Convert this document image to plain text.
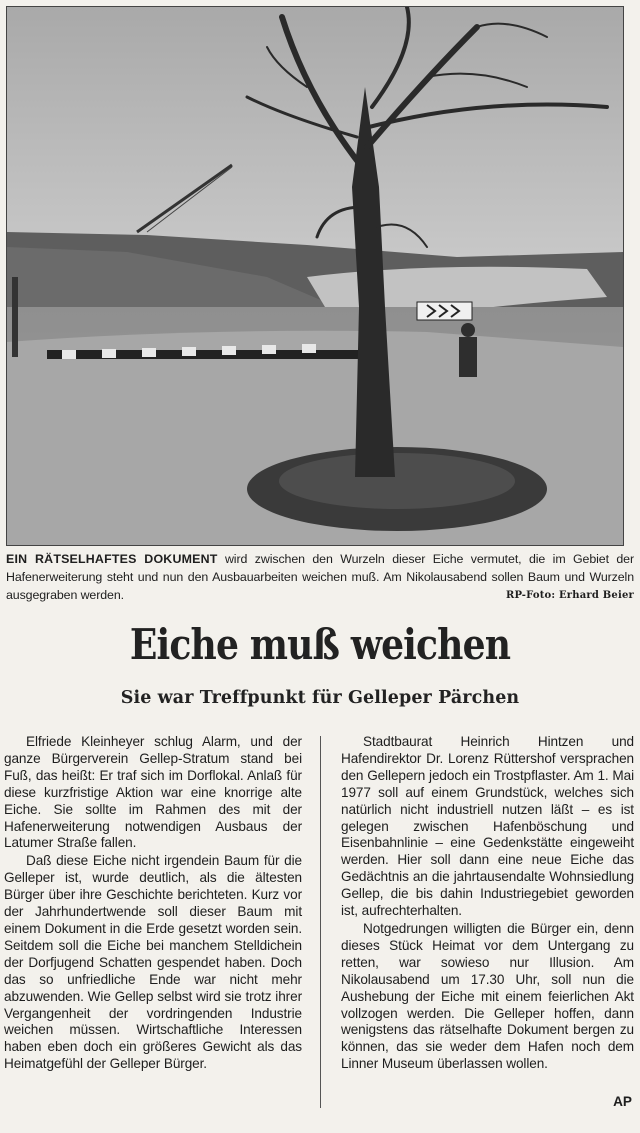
EIN RÄTSELHAFTES DOKUMENT wird zwischen den Wurzeln dieser Eiche vermutet, die im Gebiet der Hafenerweiterung steht und nun den Ausbauarbeiten weichen muß. Am Nikolausabend sollen Baum und Wurzeln ausgegraben werden.	RP-Foto: Erhard Beier
Eiche muß weichen
Sie war Treffpunkt für Gelleper Pärchen

Elfriede Kleinheyer schlug Alarm, und der ganze Bürgerverein Gellep-Stratum stand bei Fuß, das heißt: Er traf sich im Dorflokal. Anlaß für diese kurzfristige Aktion war eine knorrige alte Eiche. Sie sollte im Rahmen des mit der Hafenerweiterung notwendigen Ausbaus der Latumer Straße fallen.

Daß diese Eiche nicht irgendein Baum für die Gelleper ist, wurde deutlich, als die ältesten Bürger über ihre Geschichte berichteten. Kurz vor der Jahrhundertwende soll dieser Baum mit einem Dokument in die Erde gesetzt worden sein. Seitdem soll die Eiche bei manchem Stelldichein der Dorfjugend Schatten gespendet haben. Doch das so unfriedliche Ende war nicht mehr abzuwenden. Wie Gellep selbst wird sie trotz ihrer Vergangenheit der vordringenden Industrie weichen müssen. Wirtschaftliche Interessen haben eben doch ein größeres Gewicht als das Heimatgefühl der Gelleper Bürger.

Stadtbaurat Heinrich Hintzen und Hafendirektor Dr. Lorenz Rüttershof versprachen den Gellepern jedoch ein Trostpflaster. Am 1. Mai 1977 soll auf einem Grundstück, welches sich natürlich nicht industriell nutzen läßt – es ist gelegen zwischen Hafenböschung und Eisenbahnlinie – eine Gedenkstätte eingeweiht werden. Hier soll dann eine neue Eiche das Gedächtnis an die jahrtausendalte Wohnsiedlung Gellep, die bis dahin Industriegebiet geworden ist, aufrechterhalten.

Notgedrungen willigten die Bürger ein, denn dieses Stück Heimat vor dem Untergang zu retten, war sowieso nur Illusion. Am Nikolausabend um 17.30 Uhr, soll nun die Aushebung der Eiche mit einem feierlichen Akt vollzogen werden. Die Gelleper hoffen, dann wenigstens das rätselhafte Dokument bergen zu können, das sie weder dem Hafen noch dem Linner Museum überlassen wollen.

AP
